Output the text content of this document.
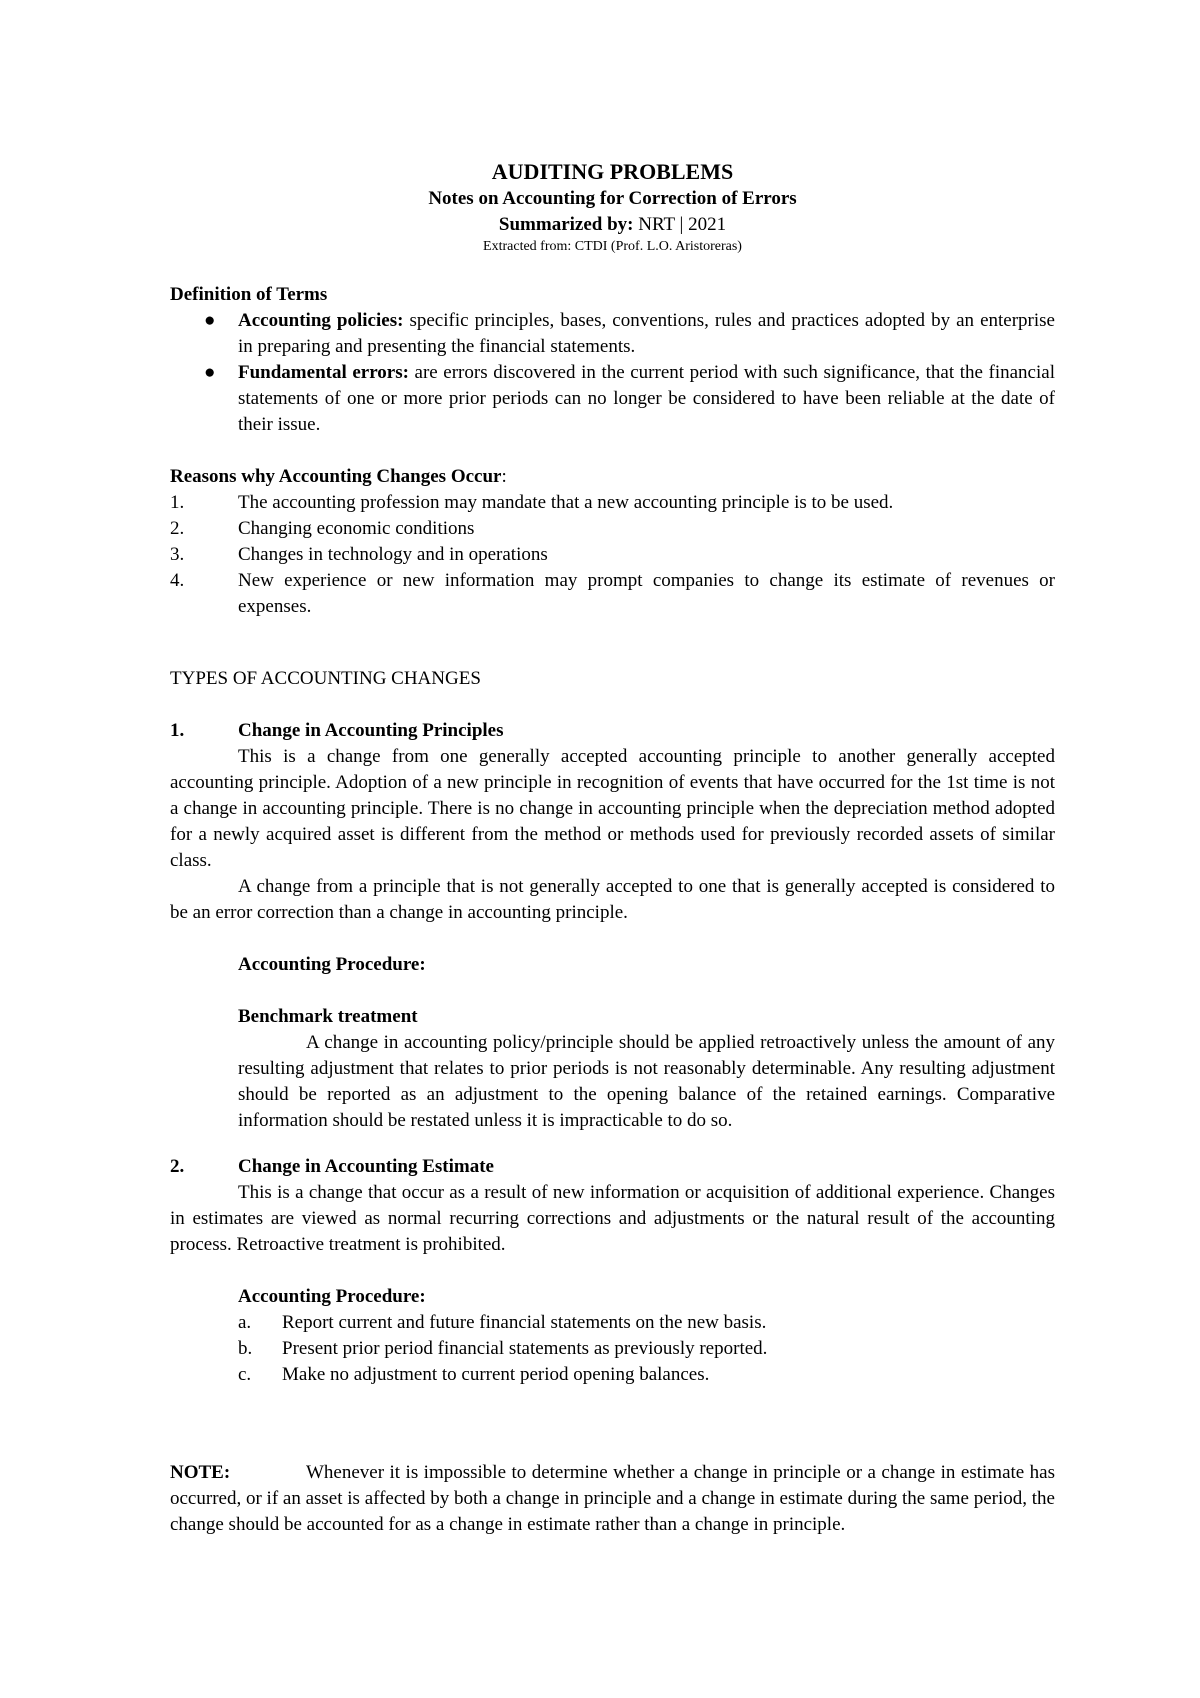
AUDITING PROBLEMS
Notes on Accounting for Correction of Errors
Summarized by: NRT | 2021
Extracted from: CTDI (Prof. L.O. Aristoreras)

Definition of Terms

● Accounting policies: specific principles, bases, conventions, rules and practices adopted by an enterprise in preparing and presenting the financial statements.
● Fundamental errors: are errors discovered in the current period with such significance, that the financial statements of one or more prior periods can no longer be considered to have been reliable at the date of their issue.

Reasons why Accounting Changes Occur:

1.	The accounting profession may mandate that a new accounting principle is to be used.
2.	Changing economic conditions
3.	Changes in technology and in operations
4.	New experience or new information may prompt companies to change its estimate of revenues or expenses.

TYPES OF ACCOUNTING CHANGES

1.	Change in Accounting Principles

This is a change from one generally accepted accounting principle to another generally accepted accounting principle. Adoption of a new principle in recognition of events that have occurred for the 1st time is not a change in accounting principle. There is no change in accounting principle when the depreciation method adopted for a newly acquired asset is different from the method or methods used for previously recorded assets of similar class.

A change from a principle that is not generally accepted to one that is generally accepted is considered to be an error correction than a change in accounting principle.

Accounting Procedure:

Benchmark treatment

A change in accounting policy/principle should be applied retroactively unless the amount of any resulting adjustment that relates to prior periods is not reasonably determinable. Any resulting adjustment should be reported as an adjustment to the opening balance of the retained earnings. Comparative information should be restated unless it is impracticable to do so.

2.	Change in Accounting Estimate

This is a change that occur as a result of new information or acquisition of additional experience. Changes in estimates are viewed as normal recurring corrections and adjustments or the natural result of the accounting process. Retroactive treatment is prohibited.

Accounting Procedure:

a. Report current and future financial statements on the new basis.
b. Present prior period financial statements as previously reported.
c. Make no adjustment to current period opening balances.

NOTE:	Whenever it is impossible to determine whether a change in principle or a change in estimate has occurred, or if an asset is affected by both a change in principle and a change in estimate during the same period, the change should be accounted for as a change in estimate rather than a change in principle.
